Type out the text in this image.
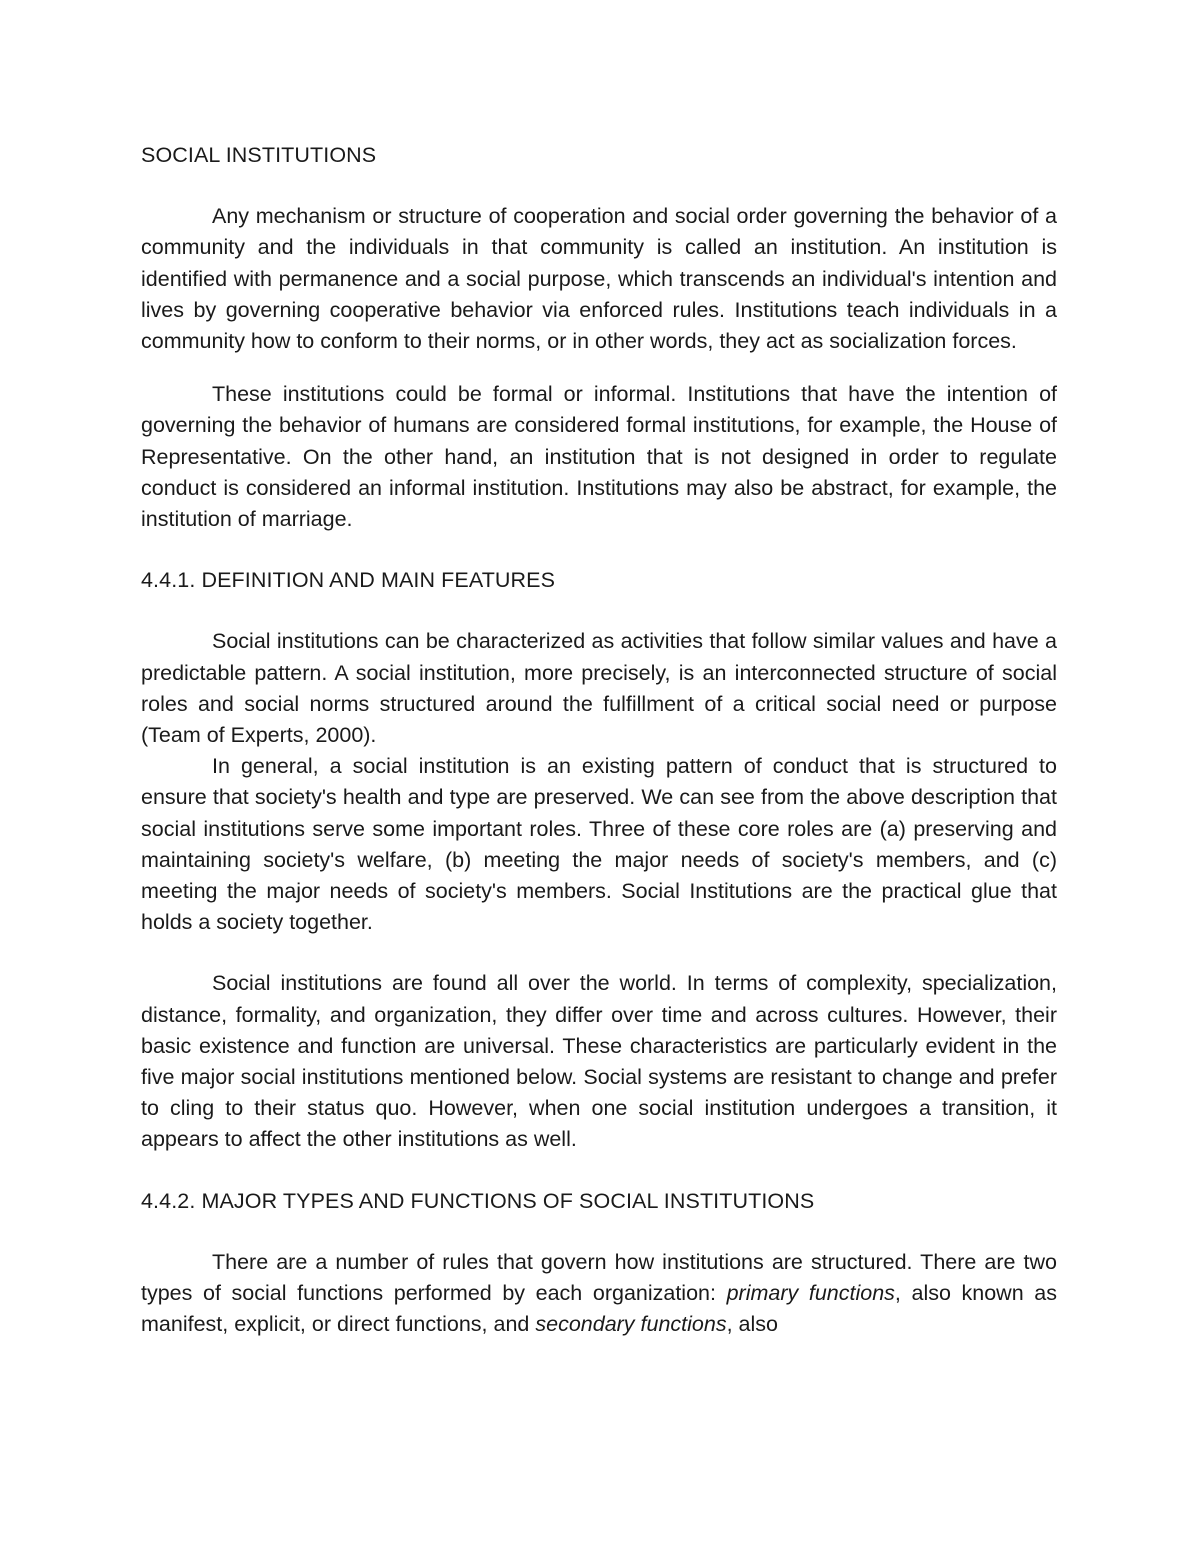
SOCIAL INSTITUTIONS

Any mechanism or structure of cooperation and social order governing the behavior of a community and the individuals in that community is called an institution. An institution is identified with permanence and a social purpose, which transcends an individual's intention and lives by governing cooperative behavior via enforced rules. Institutions teach individuals in a community how to conform to their norms, or in other words, they act as socialization forces.

These institutions could be formal or informal. Institutions that have the intention of governing the behavior of humans are considered formal institutions, for example, the House of Representative. On the other hand, an institution that is not designed in order to regulate conduct is considered an informal institution. Institutions may also be abstract, for example, the institution of marriage.

4.4.1. DEFINITION AND MAIN FEATURES

Social institutions can be characterized as activities that follow similar values and have a predictable pattern. A social institution, more precisely, is an interconnected structure of social roles and social norms structured around the fulfillment of a critical social need or purpose (Team of Experts, 2000).

In general, a social institution is an existing pattern of conduct that is structured to ensure that society's health and type are preserved. We can see from the above description that social institutions serve some important roles. Three of these core roles are (a) preserving and maintaining society's welfare, (b) meeting the major needs of society's members, and (c) meeting the major needs of society's members. Social Institutions are the practical glue that holds a society together.

Social institutions are found all over the world. In terms of complexity, specialization, distance, formality, and organization, they differ over time and across cultures. However, their basic existence and function are universal. These characteristics are particularly evident in the five major social institutions mentioned below. Social systems are resistant to change and prefer to cling to their status quo. However, when one social institution undergoes a transition, it appears to affect the other institutions as well.

4.4.2. MAJOR TYPES AND FUNCTIONS OF SOCIAL INSTITUTIONS

There are a number of rules that govern how institutions are structured. There are two types of social functions performed by each organization: primary functions, also known as manifest, explicit, or direct functions, and secondary functions, also
